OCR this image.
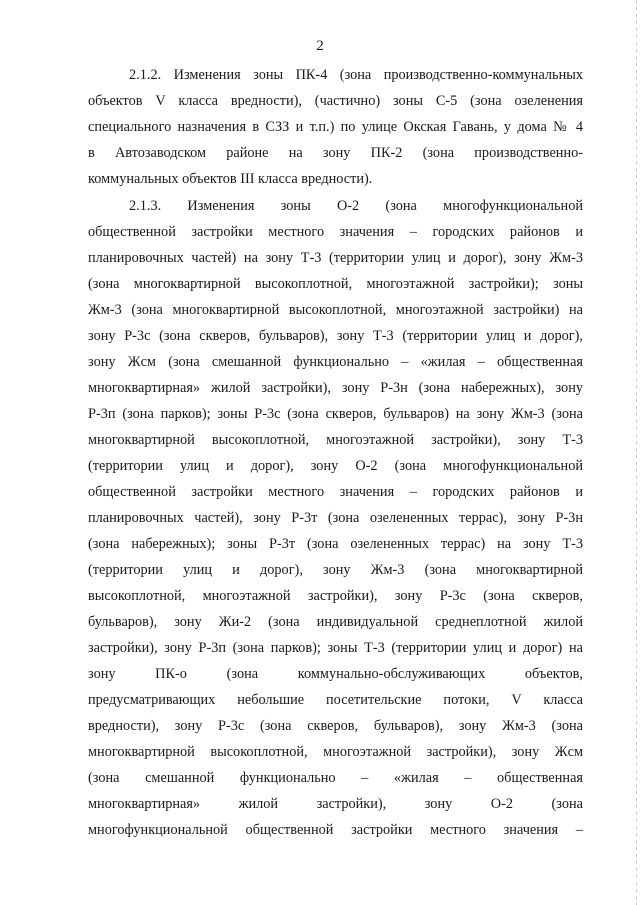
2
2.1.2. Изменения зоны ПК-4 (зона производственно-коммунальных
объектов V класса вредности), (частично) зоны С-5 (зона озеленения
специального назначения в СЗЗ и т.п.) по улице Окская Гавань, у дома № 4
в Автозаводском районе на зону ПК-2 (зона производственно-
коммунальных объектов III класса вредности).
2.1.3. Изменения зоны О-2 (зона многофункциональной
общественной застройки местного значения – городских районов и
планировочных частей) на зону Т-3 (территории улиц и дорог), зону Жм-3
(зона многоквартирной высокоплотной, многоэтажной застройки); зоны
Жм-3 (зона многоквартирной высокоплотной, многоэтажной застройки) на
зону Р-3с (зона скверов, бульваров), зону Т-3 (территории улиц и дорог),
зону Жсм (зона смешанной функционально – «жилая – общественная
многоквартирная» жилой застройки), зону Р-3н (зона набережных), зону
Р-3п (зона парков); зоны Р-3с (зона скверов, бульваров) на зону Жм-3 (зона
многоквартирной высокоплотной, многоэтажной застройки), зону Т-3
(территории улиц и дорог), зону О-2 (зона многофункциональной
общественной застройки местного значения – городских районов и
планировочных частей), зону Р-3т (зона озелененных террас), зону Р-3н
(зона набережных); зоны Р-3т (зона озелененных террас) на зону Т-3
(территории улиц и дорог), зону Жм-3 (зона многоквартирной
высокоплотной, многоэтажной застройки), зону Р-3с (зона скверов,
бульваров), зону Жи-2 (зона индивидуальной среднеплотной жилой
застройки), зону Р-3п (зона парков); зоны Т-3 (территории улиц и дорог) на
зону ПК-о (зона коммунально-обслуживающих объектов,
предусматривающих небольшие посетительские потоки, V класса
вредности), зону Р-3с (зона скверов, бульваров), зону Жм-3 (зона
многоквартирной высокоплотной, многоэтажной застройки), зону Жсм
(зона смешанной функционально – «жилая – общественная
многоквартирная» жилой застройки), зону О-2 (зона
многофункциональной общественной застройки местного значения –
